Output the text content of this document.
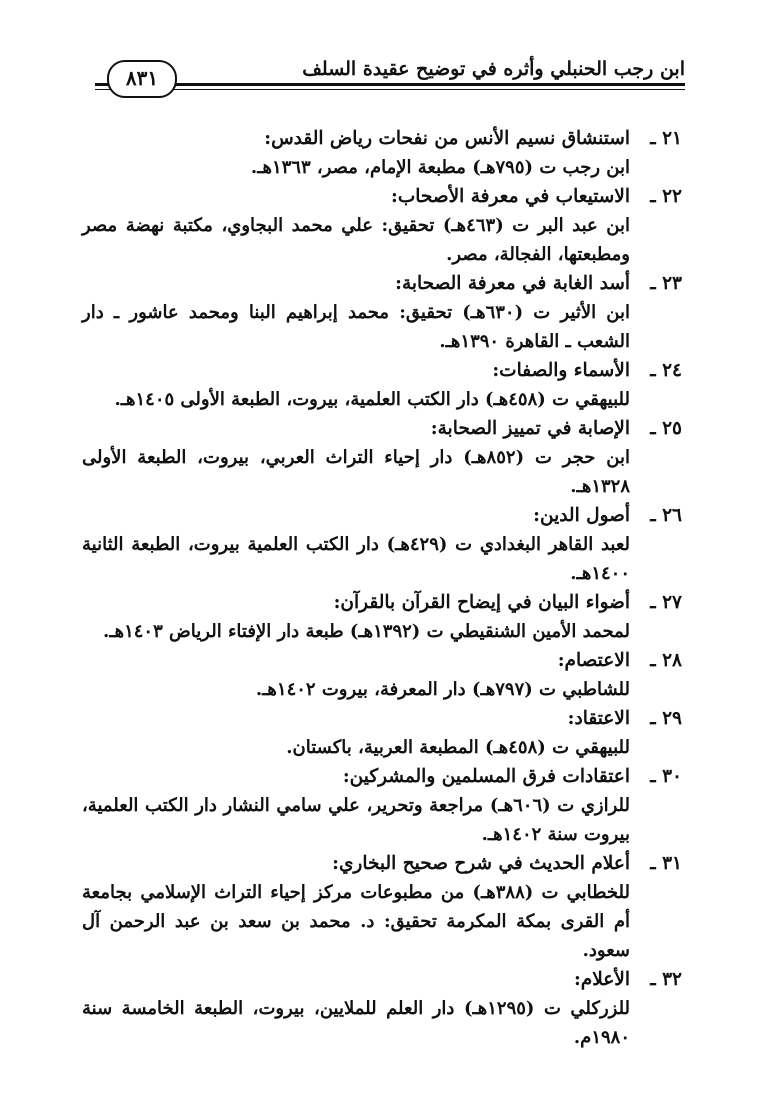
ابن رجب الحنبلي وأثره في توضيح عقيدة السلف
٨٣١
٢١ ـاستنشاق نسيم الأنس من نفحات رياض القدس:
ابن رجب ت (٧٩٥هـ) مطبعة الإمام، مصر، ١٣٦٣هـ.
٢٢ ـالاستيعاب في معرفة الأصحاب:
ابن عبد البر ت (٤٦٣هـ) تحقيق: علي محمد البجاوي، مكتبة نهضة مصر ومطبعتها، الفجالة، مصر.
٢٣ ـأسد الغابة في معرفة الصحابة:
ابن الأثير ت (٦٣٠هـ) تحقيق: محمد إبراهيم البنا ومحمد عاشور ـ دار الشعب ـ القاهرة ١٣٩٠هـ.
٢٤ ـالأسماء والصفات:
للبيهقي ت (٤٥٨هـ) دار الكتب العلمية، بيروت، الطبعة الأولى ١٤٠٥هـ.
٢٥ ـالإصابة في تمييز الصحابة:
ابن حجر ت (٨٥٢هـ) دار إحياء التراث العربي، بيروت، الطبعة الأولى ١٣٢٨هـ.
٢٦ ـأصول الدين:
لعبد القاهر البغدادي ت (٤٢٩هـ) دار الكتب العلمية بيروت، الطبعة الثانية ١٤٠٠هـ.
٢٧ ـأضواء البيان في إيضاح القرآن بالقرآن:
لمحمد الأمين الشنقيطي ت (١٣٩٢هـ) طبعة دار الإفتاء الرياض ١٤٠٣هـ.
٢٨ ـالاعتصام:
للشاطبي ت (٧٩٧هـ) دار المعرفة، بيروت ١٤٠٢هـ.
٢٩ ـالاعتقاد:
للبيهقي ت (٤٥٨هـ) المطبعة العربية، باكستان.
٣٠ ـاعتقادات فرق المسلمين والمشركين:
للرازي ت (٦٠٦هـ) مراجعة وتحرير، علي سامي النشار دار الكتب العلمية، بيروت سنة ١٤٠٢هـ.
٣١ ـأعلام الحديث في شرح صحيح البخاري:
للخطابي ت (٣٨٨هـ) من مطبوعات مركز إحياء التراث الإسلامي بجامعة أم القرى بمكة المكرمة تحقيق: د. محمد بن سعد بن عبد الرحمن آل سعود.
٣٢ ـالأعلام:
للزركلي ت (١٢٩٥هـ) دار العلم للملايين، بيروت، الطبعة الخامسة سنة ١٩٨٠م.
